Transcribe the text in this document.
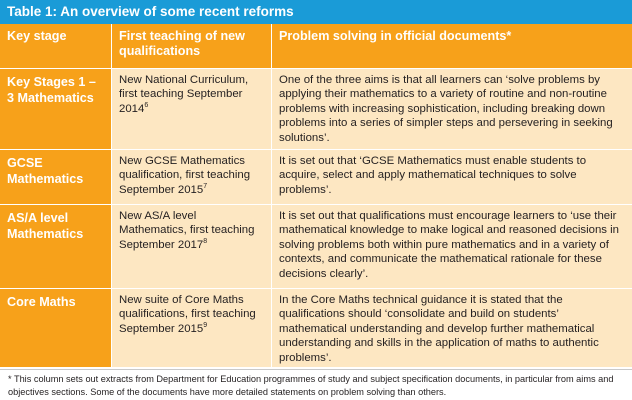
Table 1: An overview of some recent reforms
Key stage	First teaching of new qualifications
Problem solving in official documents*
Key Stages 1 – 3 Mathematics
New National Curriculum, first teaching September 2014$^6$
One of the three aims is that all learners can ‘solve problems by applying their mathematics to a variety of routine and non-routine problems with increasing sophistication, including breaking down problems into a series of simpler steps and persevering in seeking solutions’.
GCSE Mathematics
New GCSE Mathematics qualification, first teaching September 2015$^7$
It is set out that ‘GCSE Mathematics must enable students to acquire, select and apply mathematical techniques to solve problems’.
AS/A level Mathematics
New AS/A level Mathematics, first teaching September 2017$^8$
It is set out that qualifications must encourage learners to ‘use their mathematical knowledge to make logical and reasoned decisions in solving problems both within pure mathematics and in a variety of contexts, and communicate the mathematical rationale for these decisions clearly’.
Core Maths	New suite of Core Maths qualifications, first teaching September 2015$^9$
In the Core Maths technical guidance it is stated that the qualifications should ‘consolidate and build on students’ mathematical understanding and develop further mathematical understanding and skills in the application of maths to authentic problems’.
* This column sets out extracts from Department for Education programmes of study and subject specification documents, in particular from aims and objectives sections. Some of the documents have more detailed statements on problem solving than others.
